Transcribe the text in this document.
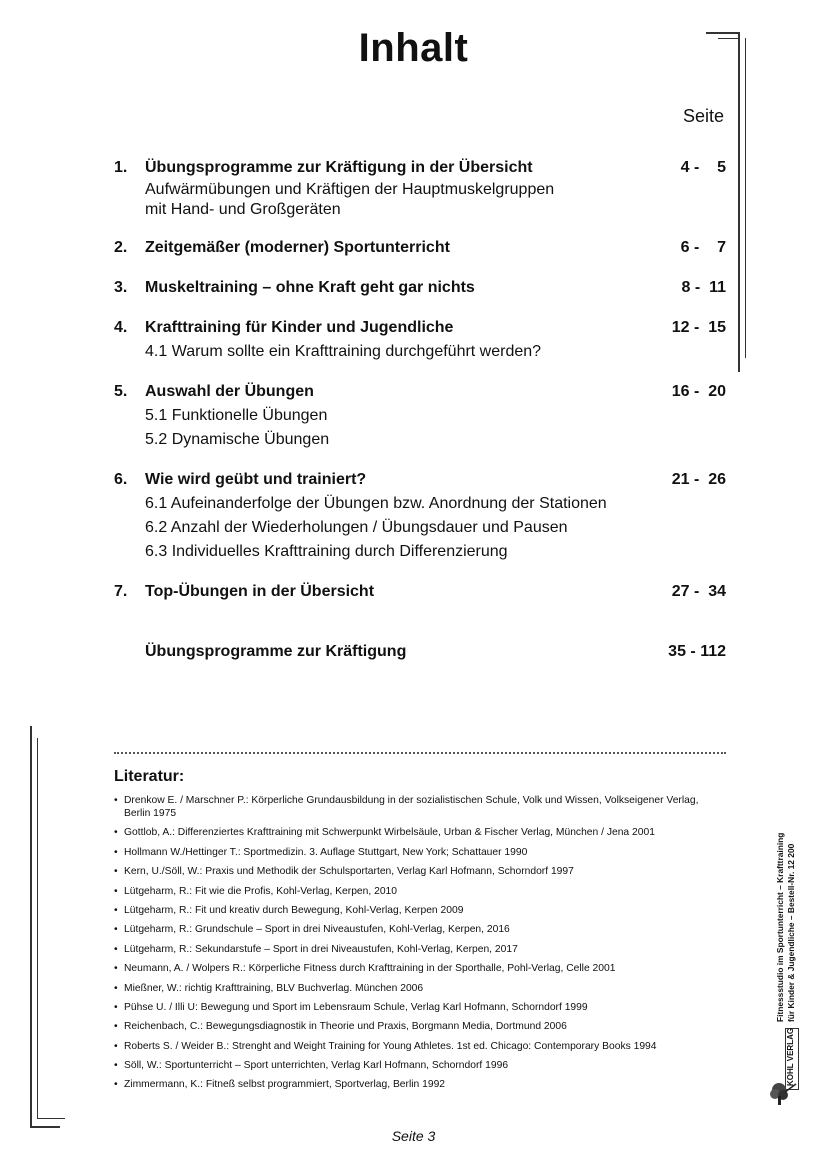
Inhalt
Seite
1. Übungsprogramme zur Kräftigung in der Übersicht	4 -    5
Aufwärmübungen und Kräftigen der Hauptmuskelgruppen
mit Hand- und Großgeräten
2. Zeitgemäßer (moderner) Sportunterricht	6 -    7
3. Muskeltraining – ohne Kraft geht gar nichts	8 -  11
4. Krafttraining für Kinder und Jugendliche	12 -  15
4.1 Warum sollte ein Krafttraining durchgeführt werden?
5. Auswahl der Übungen	16 -  20
5.1 Funktionelle Übungen
5.2 Dynamische Übungen
6. Wie wird geübt und trainiert?	21 -  26
6.1 Aufeinanderfolge der Übungen bzw. Anordnung der Stationen
6.2 Anzahl der Wiederholungen / Übungsdauer und Pausen
6.3 Individuelles Krafttraining durch Differenzierung
7. Top-Übungen in der Übersicht	27 -  34
Übungsprogramme zur Kräftigung	35 - 112
Literatur:
• Drenkow E. / Marschner P.: Körperliche Grundausbildung in der sozialistischen Schule, Volk und Wissen, Volkseigener Verlag, Berlin 1975
• Gottlob, A.: Differenziertes Krafttraining mit Schwerpunkt Wirbelsäule, Urban & Fischer Verlag, München / Jena 2001
• Hollmann W./Hettinger T.: Sportmedizin. 3. Auflage Stuttgart, New York; Schattauer 1990
• Kern, U./Söll, W.: Praxis und Methodik der Schulsportarten, Verlag Karl Hofmann, Schorndorf 1997
• Lütgeharm, R.: Fit wie die Profis, Kohl-Verlag, Kerpen, 2010
• Lütgeharm, R.: Fit und kreativ durch Bewegung, Kohl-Verlag, Kerpen 2009
• Lütgeharm, R.: Grundschule – Sport in drei Niveaustufen, Kohl-Verlag, Kerpen, 2016
• Lütgeharm, R.: Sekundarstufe – Sport in drei Niveaustufen, Kohl-Verlag, Kerpen, 2017
• Neumann, A. / Wolpers R.: Körperliche Fitness durch Krafttraining in der Sporthalle, Pohl-Verlag, Celle 2001
• Mießner, W.: richtig Krafttraining, BLV Buchverlag. München 2006
• Pühse U. / Illi U: Bewegung und Sport im Lebensraum Schule, Verlag Karl Hofmann, Schorndorf 1999
• Reichenbach, C.: Bewegungsdiagnostik in Theorie und Praxis, Borgmann Media, Dortmund 2006
• Roberts S. / Weider B.: Strenght and Weight Training for Young Athletes. 1st ed. Chicago: Contemporary Books 1994
• Söll, W.: Sportunterricht – Sport unterrichten, Verlag Karl Hofmann, Schorndorf 1996
• Zimmermann, K.: Fitneß selbst programmiert, Sportverlag, Berlin 1992
Fitnessstudio im Sportunterricht – Krafttraining für Kinder & Jugendliche – Bestell-Nr. 12 200
KOHL VERLAG
Seite 3
